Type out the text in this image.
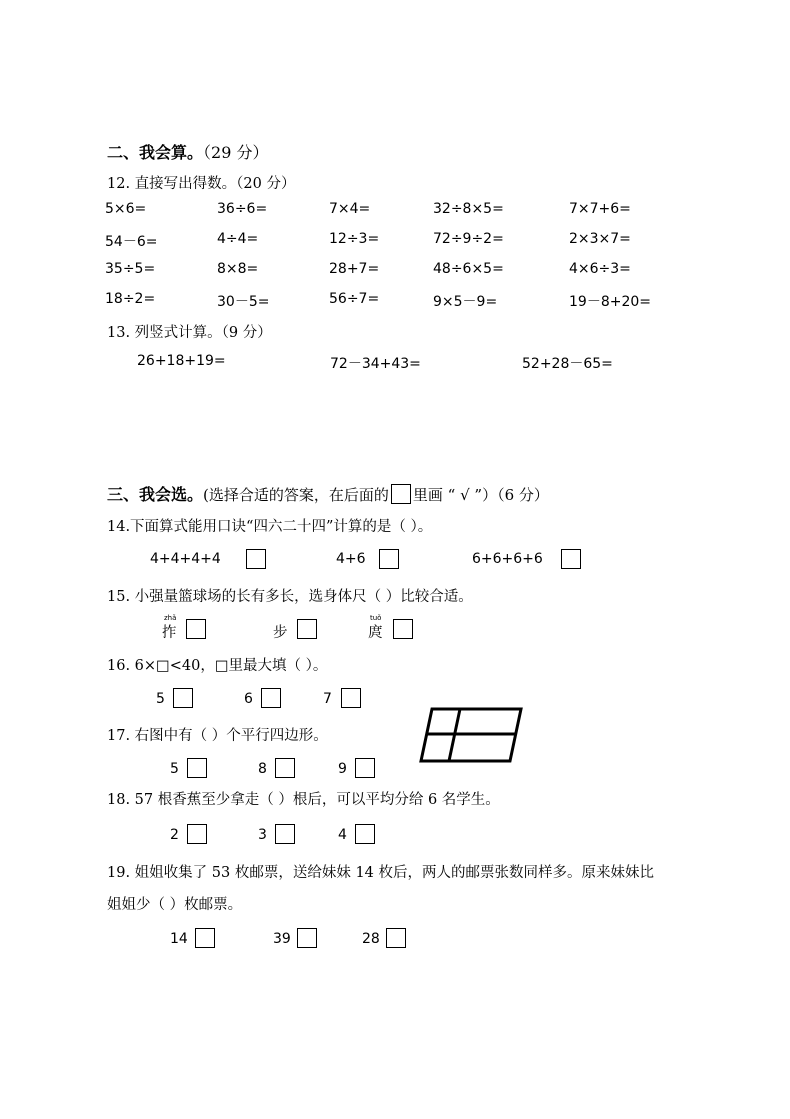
二、我会算。（29 分）
12. 直接写出得数。（20 分）
5×6=	36÷6=	7×4=	32÷8×5=	7×7+6=
54－6=	4÷4=	12÷3=	72÷9÷2=	2×3×7=
35÷5=	8×8=	28+7=	48÷6×5=	4×6÷3=
18÷2=	30－5=	56÷7=	9×5－9=	19－8+20=
13. 列竖式计算。（9 分）
26+18+19=	72－34+43=	52+28－65=
三、我会选。(选择合适的答案，在后面的 里画 “ √ ”）（6 分）
14.下面算式能用口诀“四六二十四”计算的是（ ）。
4+4+4+4	4+6	6+6+6+6
15. 小强量篮球场的长有多长，选身体尺（ ）比较合适。
zhǎ
拃	步
tuǒ
庹
16. 6×□<40，□里最大填（ ）。
5	6	7
17. 右图中有（ ）个平行四边形。
5	8	9
18. 57 根香蕉至少拿走（ ）根后，可以平均分给 6 名学生。
2	3	4
19. 姐姐收集了 53 枚邮票，送给妹妹 14 枚后，两人的邮票张数同样多。原来妹妹比
姐姐少（ ）枚邮票。
14	39	28
